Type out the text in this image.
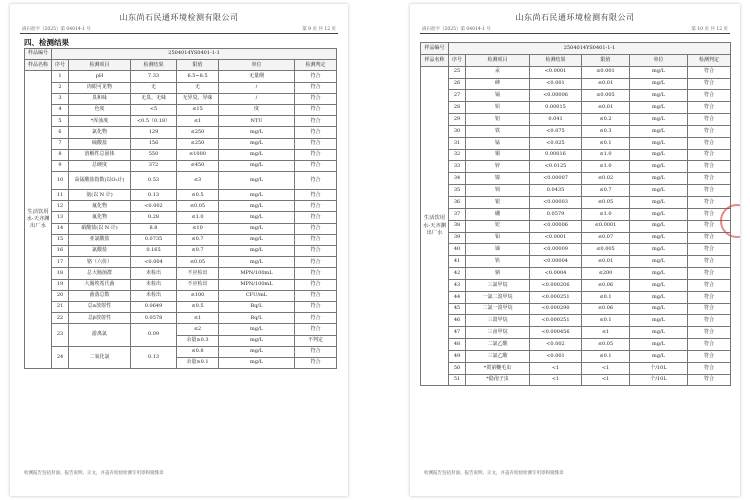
山东尚石民通环境检测有限公司
尚石检字（2025）第 04014-1 号	第 9 页 共 12 页
四、检测结果
样品编号	2504014YS0401-1-1					
样品名称	序号	检测项目	检测结果	限值	单位	检测判定
生活饮用水-天齐渊出厂水	1	pH	7.33	6.5~8.5	无量纲	符合
	2	肉眼可见物	无	无	/	符合
	3	臭和味	无臭、无味	无异臭、异味	/	符合
	4	色度	<5	≤15	度	符合
	5	*浑浊度	<0.5（0.18）	≤1	NTU	符合
	6	氯化物	129	≤250	mg/L	符合
	7	硫酸盐	156	≤250	mg/L	符合
	8	溶解性总固体	550	≤1000	mg/L	符合
	9	总硬度	372	≤450	mg/L	符合
	10	高锰酸盐指数(以O₂计)	0.53	≤3	mg/L	符合
	11	氨(以 N 计)	0.13	≤0.5	mg/L	符合
	12	氟化物	<0.002	≤0.05	mg/L	符合
	13	氟化物	0.28	≤1.0	mg/L	符合
	14	硝酸盐(以 N 计)	8.8	≤10	mg/L	符合
	15	亚氯酸盐	0.0735	≤0.7	mg/L	符合
	16	氯酸盐	0.165	≤0.7	mg/L	符合
	17	铬（六价）	<0.004	≤0.05	mg/L	符合
	18	总大肠菌群	未检出	不应检出	MPN/100mL	符合
	19	大肠埃希氏菌	未检出	不应检出	MPN/100mL	符合
	20	菌落总数	未检出	≤100	CFU/mL	符合
	21	总α放射性	0.0649	≤0.5	Bq/L	符合
	22	总β放射性	0.0578	≤1	Bq/L	符合
	23	游离氯	0.09	≤2	mg/L	符合
				余量≥0.3	mg/L	不判定
	24	二氧化氯	0.13	≤0.8	mg/L	符合
				余量≥0.1	mg/L	符合
检测报告包括封面、报告说明、正文，并盖有检验检测专用章和骑缝章
山东尚石民通环境检测有限公司
尚石检字（2025）第 04014-1 号	第 10 页 共 12 页
样品编号	2504014YS0401-1-1					
样品名称	序号	检测项目	检测结果	限值	单位	检测判定
生活饮用水-天齐渊出厂水	25	汞	<0.0001	≤0.001	mg/L	符合
	26	砷	<0.001	≤0.01	mg/L	符合
	27	镉	<0.00006	≤0.005	mg/L	符合
	28	铅	0.00015	≤0.01	mg/L	符合
	29	铝	0.041	≤0.2	mg/L	符合
	30	铁	<0.075	≤0.3	mg/L	符合
	31	锰	<0.025	≤0.1	mg/L	符合
	32	铜	0.00016	≤1.0	mg/L	符合
	33	锌	<0.0125	≤1.0	mg/L	符合
	34	镍	<0.00007	≤0.02	mg/L	符合
	35	钡	0.0435	≤0.7	mg/L	符合
	36	银	<0.00003	≤0.05	mg/L	符合
	37	硼	0.0579	≤1.0	mg/L	符合
	38	铊	<0.00006	≤0.0001	mg/L	符合
	39	钼	<0.0001	≤0.07	mg/L	符合
	40	锑	<0.00009	≤0.005	mg/L	符合
	41	钒	<0.00004	≤0.01	mg/L	符合
	42	钠	<0.0004	≤200	mg/L	符合
	43	三氯甲烷	<0.000206	≤0.06	mg/L	符合
	44	一氯二溴甲烷	<0.000251	≤0.1	mg/L	符合
	45	二氯一溴甲烷	<0.000290	≤0.06	mg/L	符合
	46	三溴甲烷	<0.000251	≤0.1	mg/L	符合
	47	三卤甲烷	<0.000456	≤1	mg/L	符合
	48	二氯乙酸	<0.002	≤0.05	mg/L	符合
	49	三氯乙酸	<0.001	≤0.1	mg/L	符合
	50	*贾第鞭毛虫	<1	<1	个/10L	符合
	51	*隐孢子虫	<1	<1	个/10L	符合
检测报告包括封面、报告说明、正文，并盖有检验检测专用章和骑缝章
